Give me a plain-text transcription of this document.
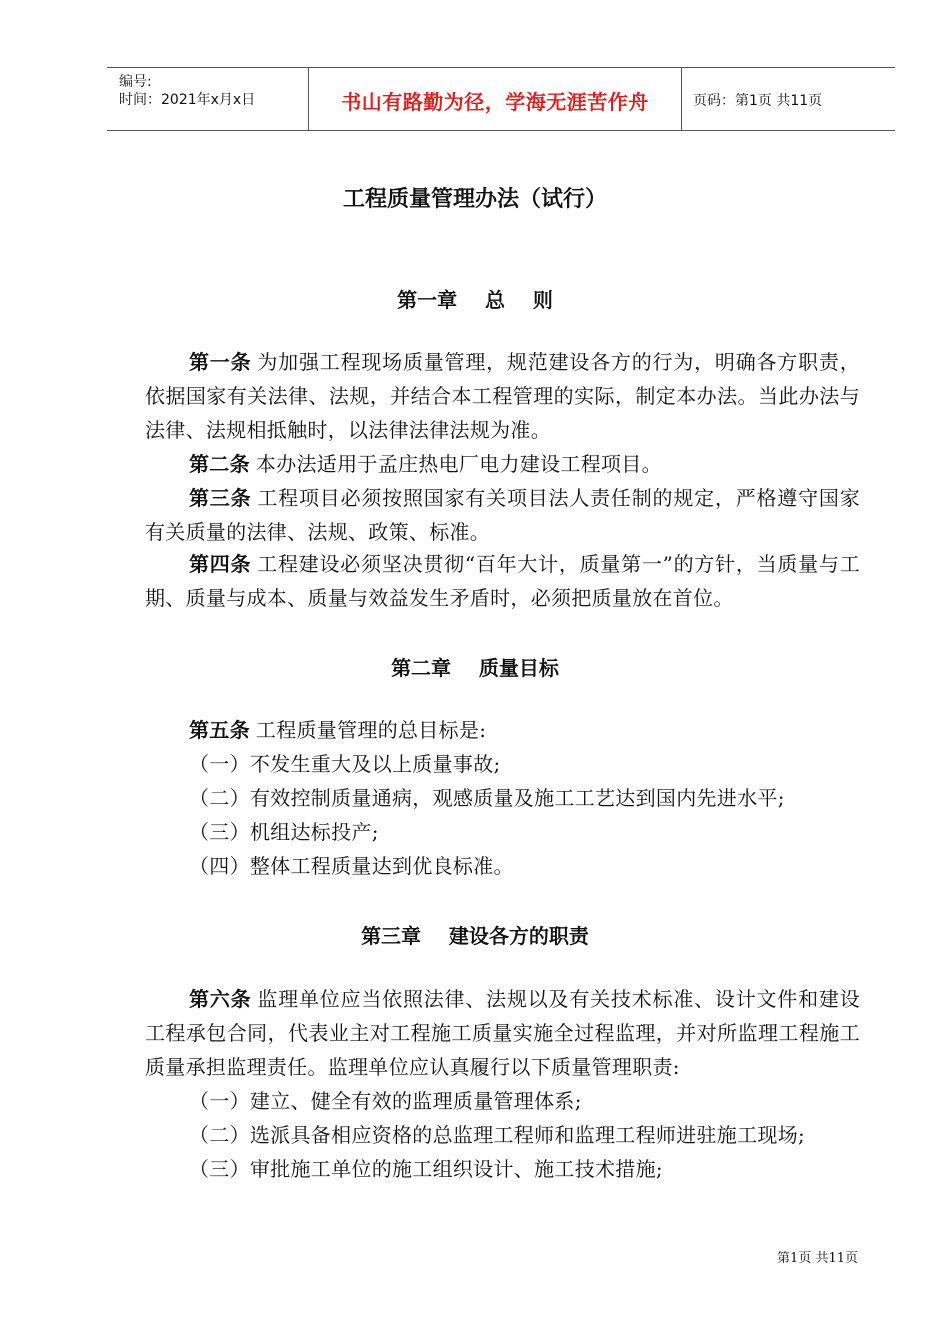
编号:
时间：2021年x月x日	书山有路勤为径，学海无涯苦作舟	页码：第1页 共11页
工程质量管理办法（试行）
第一章    总    则
第一条 为加强工程现场质量管理，规范建设各方的行为，明确各方职责，依据国家有关法律、法规，并结合本工程管理的实际，制定本办法。当此办法与法律、法规相抵触时，以法律法律法规为准。
第二条 本办法适用于孟庄热电厂电力建设工程项目。
第三条 工程项目必须按照国家有关项目法人责任制的规定，严格遵守国家有关质量的法律、法规、政策、标准。
第四条 工程建设必须坚决贯彻“百年大计，质量第一”的方针，当质量与工期、质量与成本、质量与效益发生矛盾时，必须把质量放在首位。
第二章    质量目标
第五条 工程质量管理的总目标是:
（一）不发生重大及以上质量事故;
（二）有效控制质量通病，观感质量及施工工艺达到国内先进水平;
（三）机组达标投产;
（四）整体工程质量达到优良标准。
第三章    建设各方的职责
第六条 监理单位应当依照法律、法规以及有关技术标准、设计文件和建设工程承包合同，代表业主对工程施工质量实施全过程监理，并对所监理工程施工质量承担监理责任。监理单位应认真履行以下质量管理职责:
（一）建立、健全有效的监理质量管理体系;
（二）选派具备相应资格的总监理工程师和监理工程师进驻施工现场;
（三）审批施工单位的施工组织设计、施工技术措施;
第1页 共11页
